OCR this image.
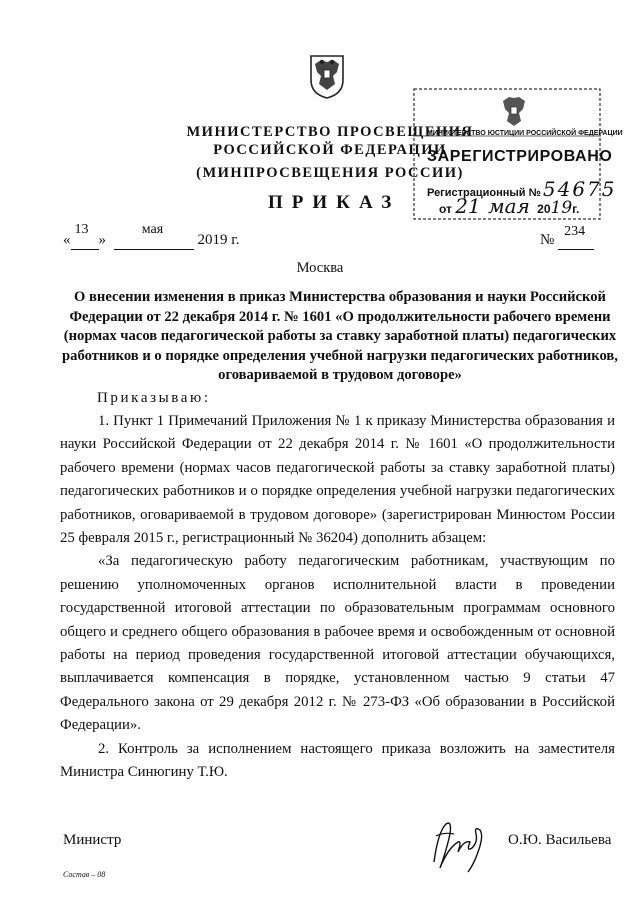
МИНИСТЕРСТВО ПРОСВЕЩЕНИЯ
РОССИЙСКОЙ ФЕДЕРАЦИИ
(МИНПРОСВЕЩЕНИЯ РОССИИ)
МИНИСТЕРСТВО ЮСТИЦИИ РОССИЙСКОЙ ФЕДЕРАЦИИ
ЗАРЕГИСТРИРОВАНО
Регистрационный № 54675
от 21 мая 2019г.
ПРИКАЗ
«
13
»
мая
2019 г.	№
234

Москва
О внесении изменения в приказ Министерства образования и науки Российской Федерации от 22 декабря 2014 г. № 1601 «О продолжительности рабочего времени (нормах часов педагогической работы за ставку заработной платы) педагогических работников и о порядке определения учебной нагрузки педагогических работников, оговариваемой в трудовом договоре»
Приказываю:

1. Пункт 1 Примечаний Приложения № 1 к приказу Министерства образования и науки Российской Федерации от 22 декабря 2014 г. № 1601 «О продолжительности рабочего времени (нормах часов педагогической работы за ставку заработной платы) педагогических работников и о порядке определения учебной нагрузки педагогических работников, оговариваемой в трудовом договоре» (зарегистрирован Минюстом России 25 февраля 2015 г., регистрационный № 36204) дополнить абзацем:

«За педагогическую работу педагогическим работникам, участвующим по решению уполномоченных органов исполнительной власти в проведении государственной итоговой аттестации по образовательным программам основного общего и среднего общего образования в рабочее время и освобожденным от основной работы на период проведения государственной итоговой аттестации обучающихся, выплачивается компенсация в порядке, установленном частью 9 статьи 47 Федерального закона от 29 декабря 2012 г. № 273-ФЗ «Об образовании в Российской Федерации».

2. Контроль за исполнением настоящего приказа возложить на заместителя Министра Синюгину Т.Ю.

Министр	О.Ю. Васильева
Состав – 08
